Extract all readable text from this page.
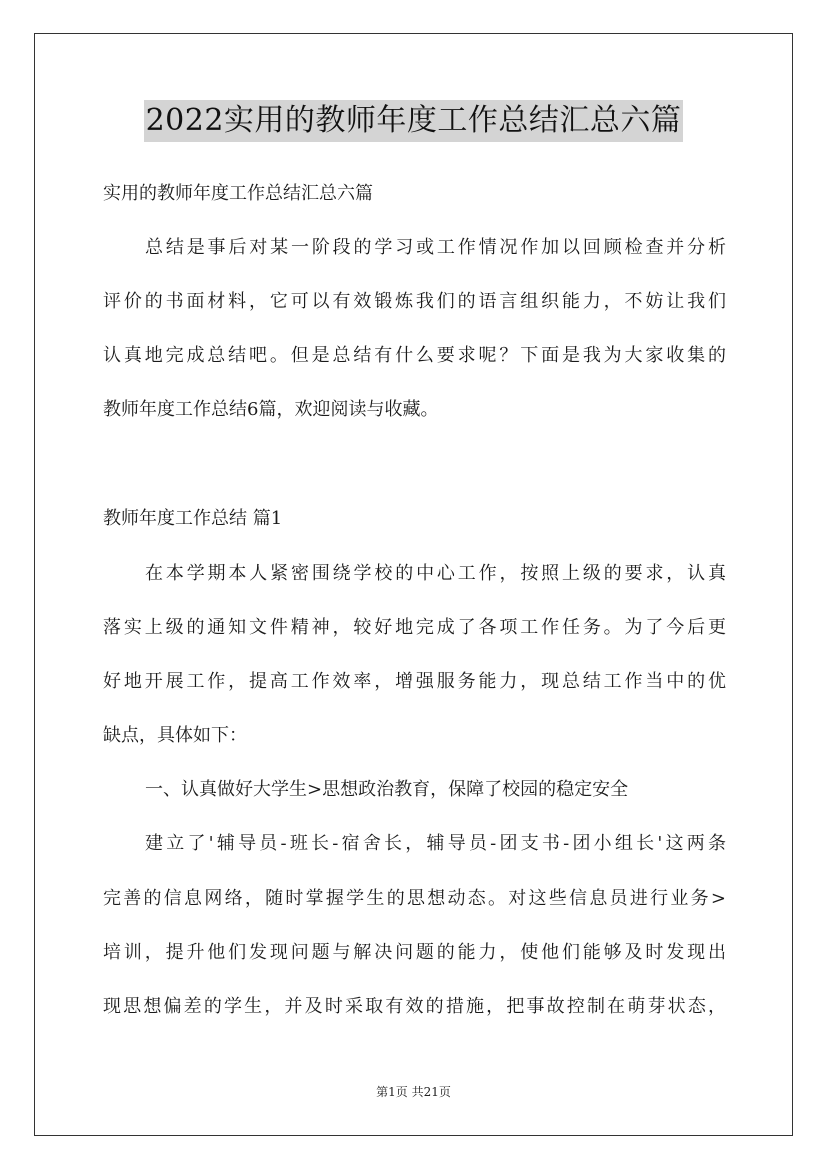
2022实用的教师年度工作总结汇总六篇
实用的教师年度工作总结汇总六篇
总结是事后对某一阶段的学习或工作情况作加以回顾检查并分析
评价的书面材料，它可以有效锻炼我们的语言组织能力，不妨让我们
认真地完成总结吧。但是总结有什么要求呢？下面是我为大家收集的
教师年度工作总结6篇，欢迎阅读与收藏。
教师年度工作总结 篇1
在本学期本人紧密围绕学校的中心工作，按照上级的要求，认真
落实上级的通知文件精神，较好地完成了各项工作任务。为了今后更
好地开展工作，提高工作效率，增强服务能力，现总结工作当中的优
缺点，具体如下：
一、认真做好大学生>思想政治教育，保障了校园的稳定安全
建立了'辅导员-班长-宿舍长，辅导员-团支书-团小组长'这两条
完善的信息网络，随时掌握学生的思想动态。对这些信息员进行业务>
培训，提升他们发现问题与解决问题的能力，使他们能够及时发现出
现思想偏差的学生，并及时采取有效的措施，把事故控制在萌芽状态，
第1页 共21页
